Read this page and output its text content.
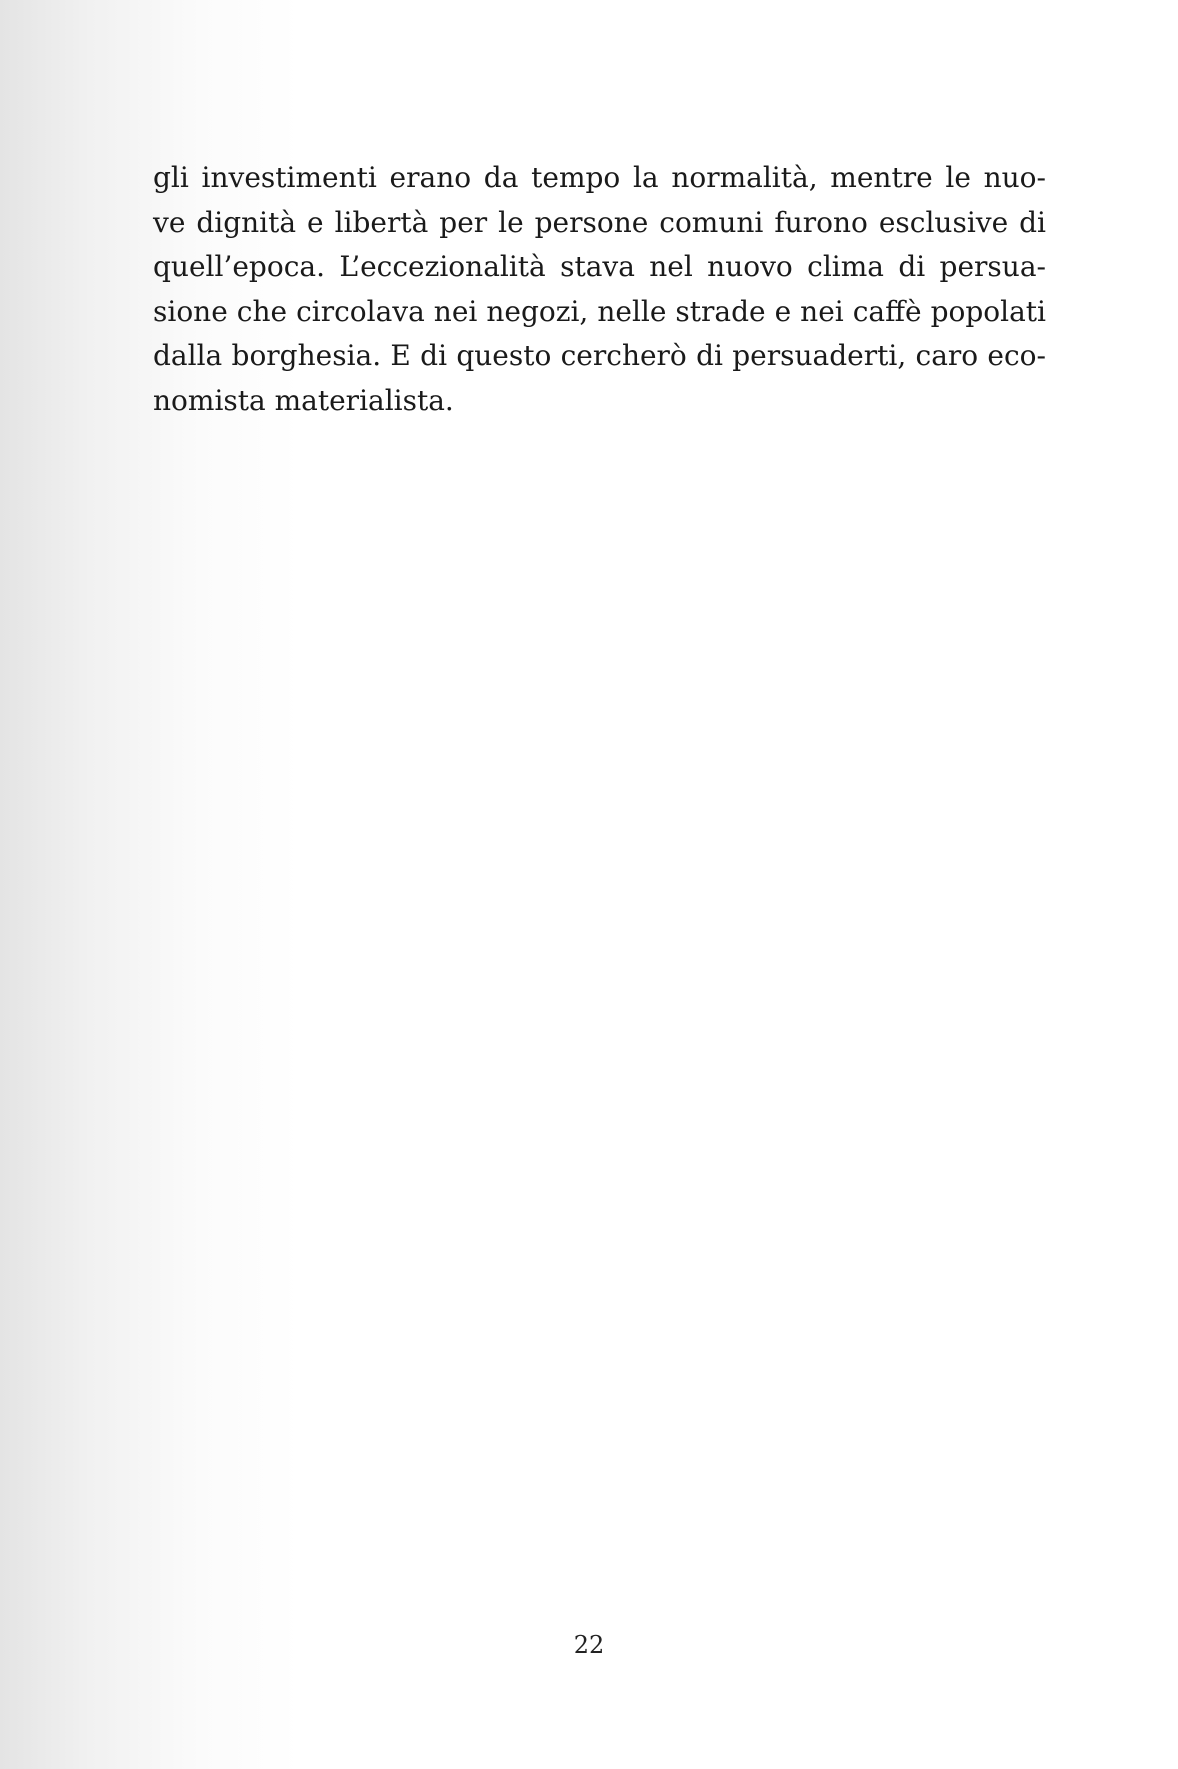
gli investimenti erano da tempo la normalità, mentre le nuo-
ve dignità e libertà per le persone comuni furono esclusive di
quell’epoca. L’eccezionalità stava nel nuovo clima di persua-
sione che circolava nei negozi, nelle strade e nei caffè popolati
dalla borghesia. E di questo cercherò di persuaderti, caro eco-
nomista materialista.
22
